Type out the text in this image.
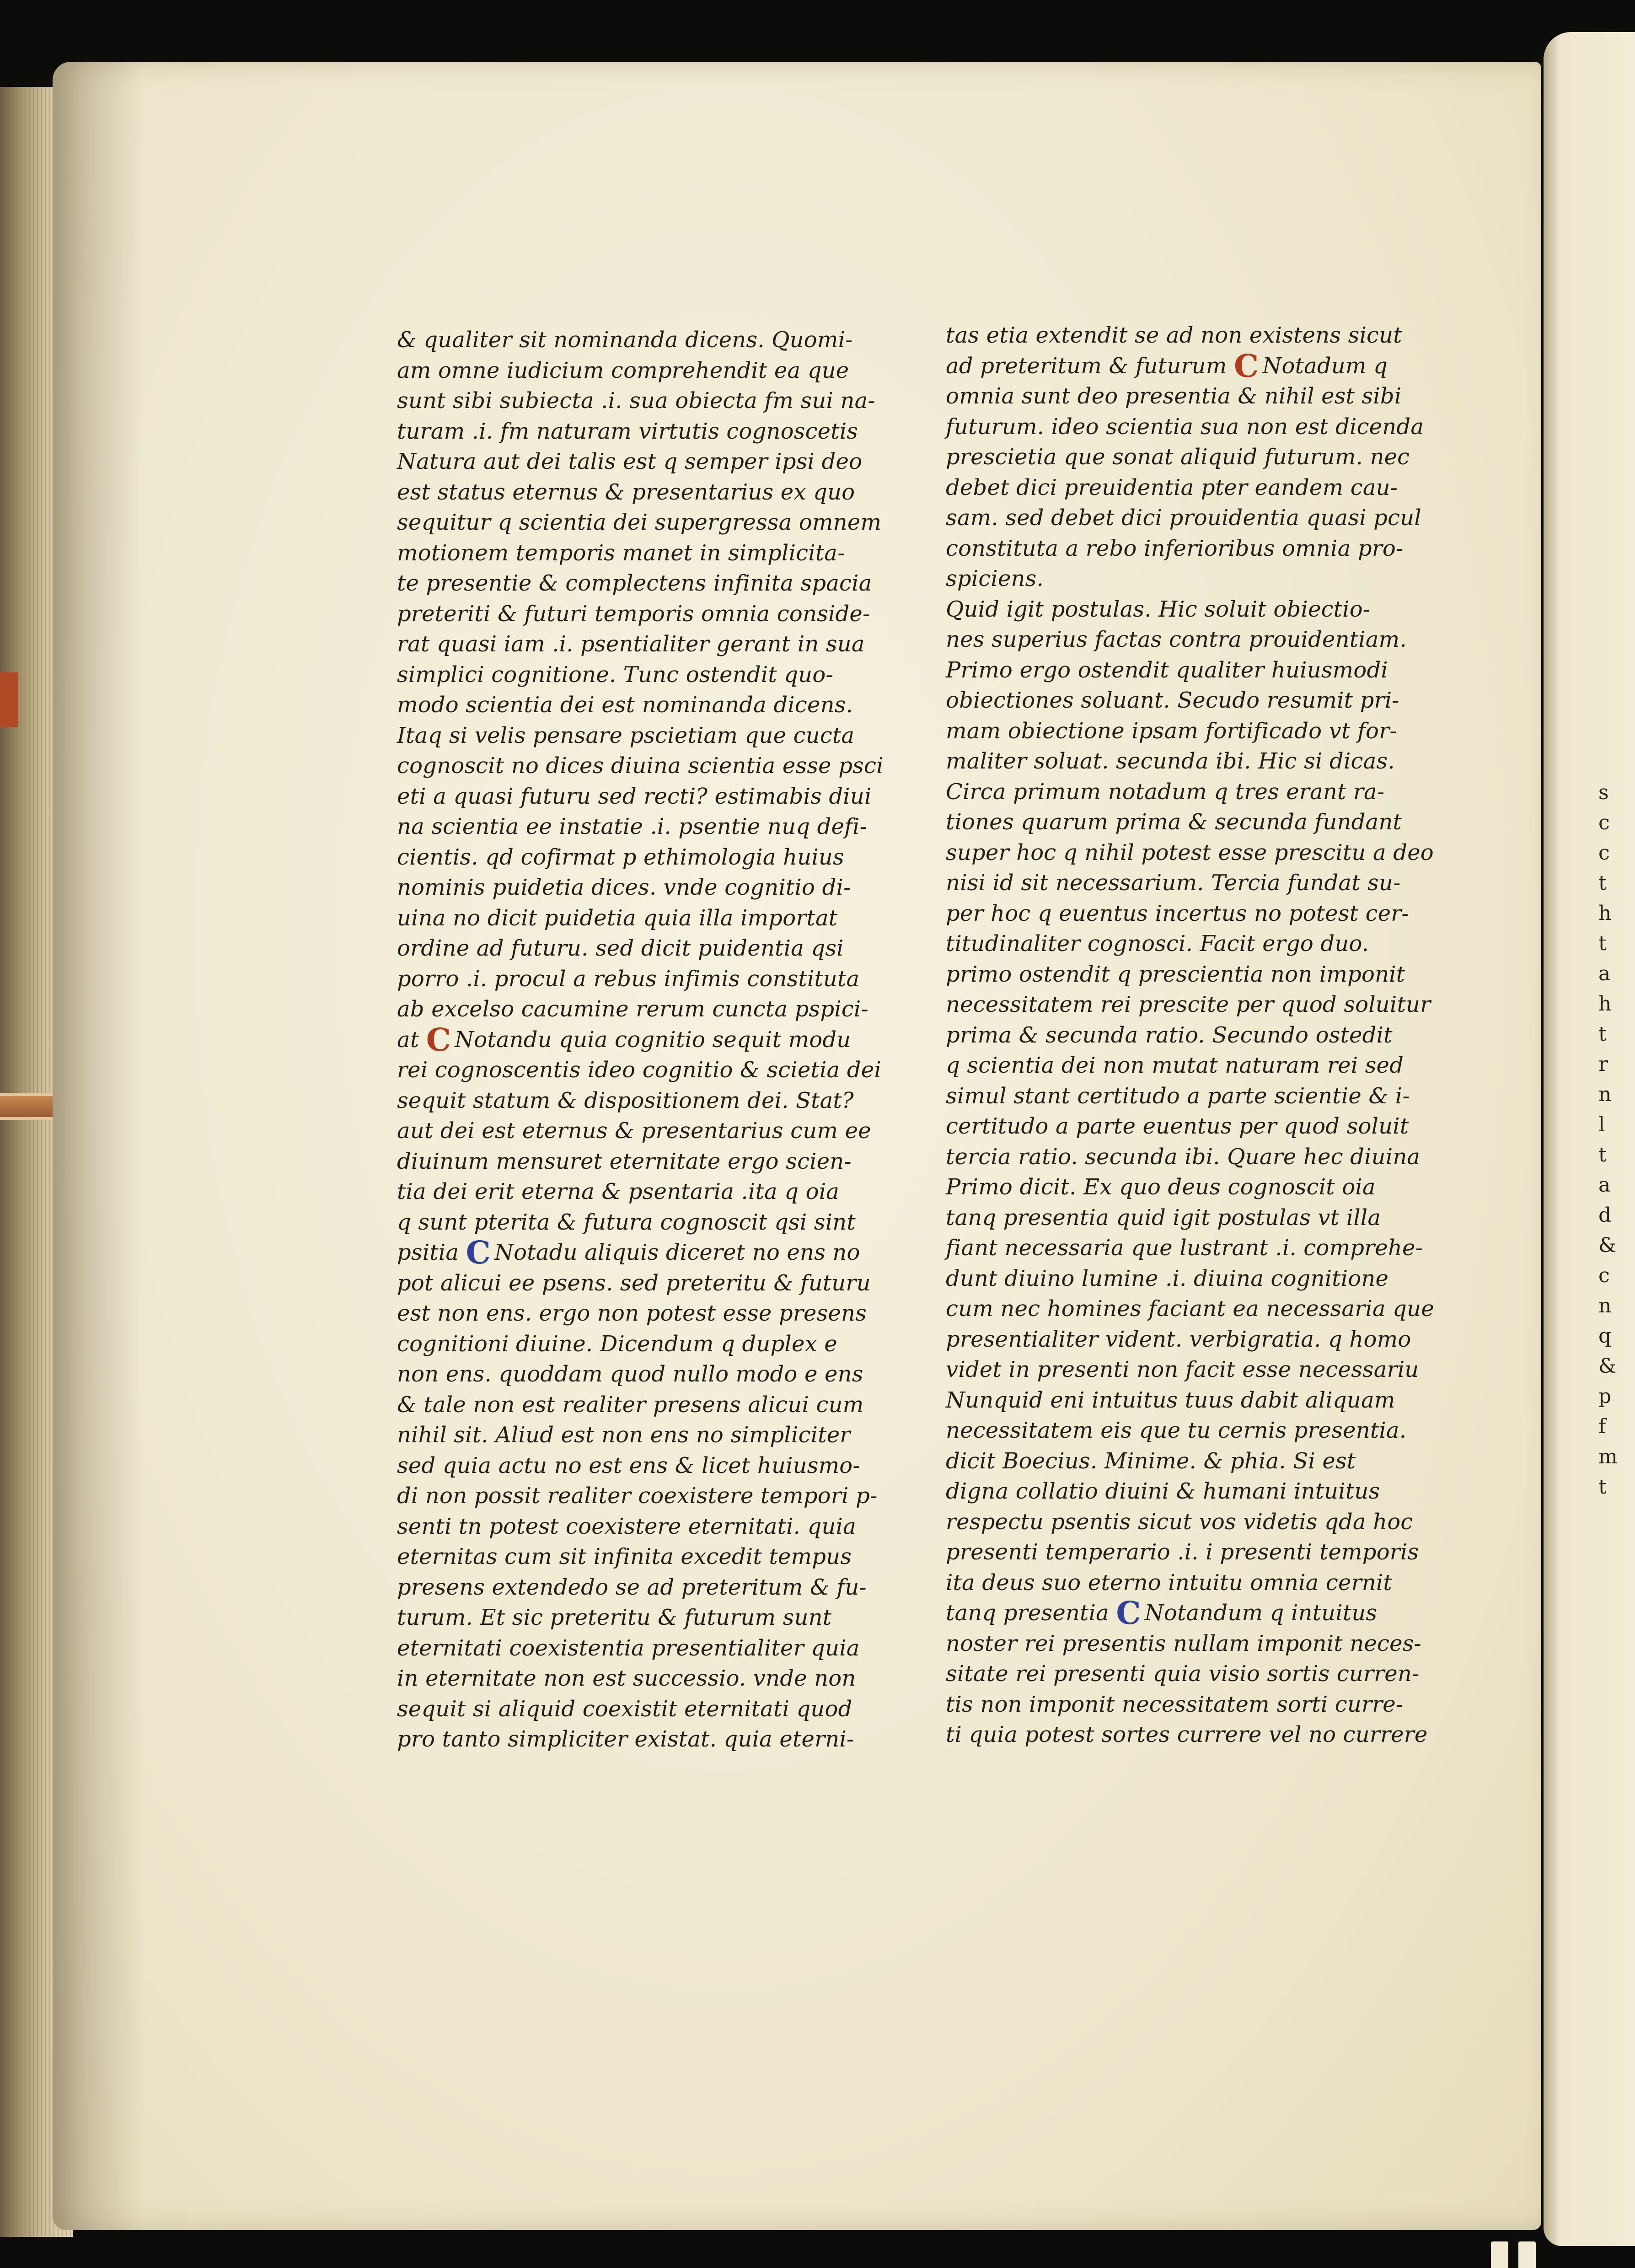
s
c
c
t
h
t
a
h
t
r
n
l
t
a
d
&
c
n
q
&
p
f
m
t
& qualiter sit nominanda dicens. Quomi-
am omne iudicium comprehendit ea que
sunt sibi subiecta .i. sua obiecta fm sui na-
turam .i. fm naturam virtutis cognoscetis
Natura aut dei talis est q semper ipsi deo
est status eternus & presentarius ex quo
sequitur q scientia dei supergressa omnem
motionem temporis manet in simplicita-
te presentie & complectens infinita spacia
preteriti & futuri temporis omnia conside-
rat quasi iam .i. psentialiter gerant in sua
simplici cognitione. Tunc ostendit quo-
modo scientia dei est nominanda dicens.
Itaq si velis pensare pscietiam que cucta
cognoscit no dices diuina scientia esse psci
eti a quasi futuru sed recti? estimabis diui
na scientia ee instatie .i. psentie nuq defi-
cientis. qd cofirmat p ethimologia huius
nominis puidetia dices. vnde cognitio di-
uina no dicit puidetia quia illa importat
ordine ad futuru. sed dicit puidentia qsi
porro .i. procul a rebus infimis constituta
ab excelso cacumine rerum cuncta pspici-
at C Notandu quia cognitio sequit modu
rei cognoscentis ideo cognitio & scietia dei
sequit statum & dispositionem dei. Stat?
aut dei est eternus & presentarius cum ee
diuinum mensuret eternitate ergo scien-
tia dei erit eterna & psentaria .ita q oia
q sunt pterita & futura cognoscit qsi sint
psitia C Notadu aliquis diceret no ens no
pot alicui ee psens. sed preteritu & futuru
est non ens. ergo non potest esse presens
cognitioni diuine. Dicendum q duplex e
non ens. quoddam quod nullo modo e ens
& tale non est realiter presens alicui cum
nihil sit. Aliud est non ens no simpliciter
sed quia actu no est ens & licet huiusmo-
di non possit realiter coexistere tempori p-
senti tn potest coexistere eternitati. quia
eternitas cum sit infinita excedit tempus
presens extendedo se ad preteritum & fu-
turum. Et sic preteritu & futurum sunt
eternitati coexistentia presentialiter quia
in eternitate non est successio. vnde non
sequit si aliquid coexistit eternitati quod
pro tanto simpliciter existat. quia eterni-
tas etia extendit se ad non existens sicut
ad preteritum & futurum C Notadum q
omnia sunt deo presentia & nihil est sibi
futurum. ideo scientia sua non est dicenda
prescietia que sonat aliquid futurum. nec
debet dici preuidentia pter eandem cau-
sam. sed debet dici prouidentia quasi pcul
constituta a rebo inferioribus omnia pro-
spiciens.
Quid igit postulas. Hic soluit obiectio-
nes superius factas contra prouidentiam.
Primo ergo ostendit qualiter huiusmodi
obiectiones soluant. Secudo resumit pri-
mam obiectione ipsam fortificado vt for-
maliter soluat. secunda ibi. Hic si dicas.
Circa primum notadum q tres erant ra-
tiones quarum prima & secunda fundant
super hoc q nihil potest esse prescitu a deo
nisi id sit necessarium. Tercia fundat su-
per hoc q euentus incertus no potest cer-
titudinaliter cognosci. Facit ergo duo.
primo ostendit q prescientia non imponit
necessitatem rei prescite per quod soluitur
prima & secunda ratio. Secundo ostedit
q scientia dei non mutat naturam rei sed
simul stant certitudo a parte scientie & i-
certitudo a parte euentus per quod soluit
tercia ratio. secunda ibi. Quare hec diuina
Primo dicit. Ex quo deus cognoscit oia
tanq presentia quid igit postulas vt illa
fiant necessaria que lustrant .i. comprehe-
dunt diuino lumine .i. diuina cognitione
cum nec homines faciant ea necessaria que
presentialiter vident. verbigratia. q homo
videt in presenti non facit esse necessariu
Nunquid eni intuitus tuus dabit aliquam
necessitatem eis que tu cernis presentia.
dicit Boecius. Minime. & phia. Si est
digna collatio diuini & humani intuitus
respectu psentis sicut vos videtis qda hoc
presenti temperario .i. i presenti temporis
ita deus suo eterno intuitu omnia cernit
tanq presentia C Notandum q intuitus
noster rei presentis nullam imponit neces-
sitate rei presenti quia visio sortis curren-
tis non imponit necessitatem sorti curre-
ti quia potest sortes currere vel no currere
